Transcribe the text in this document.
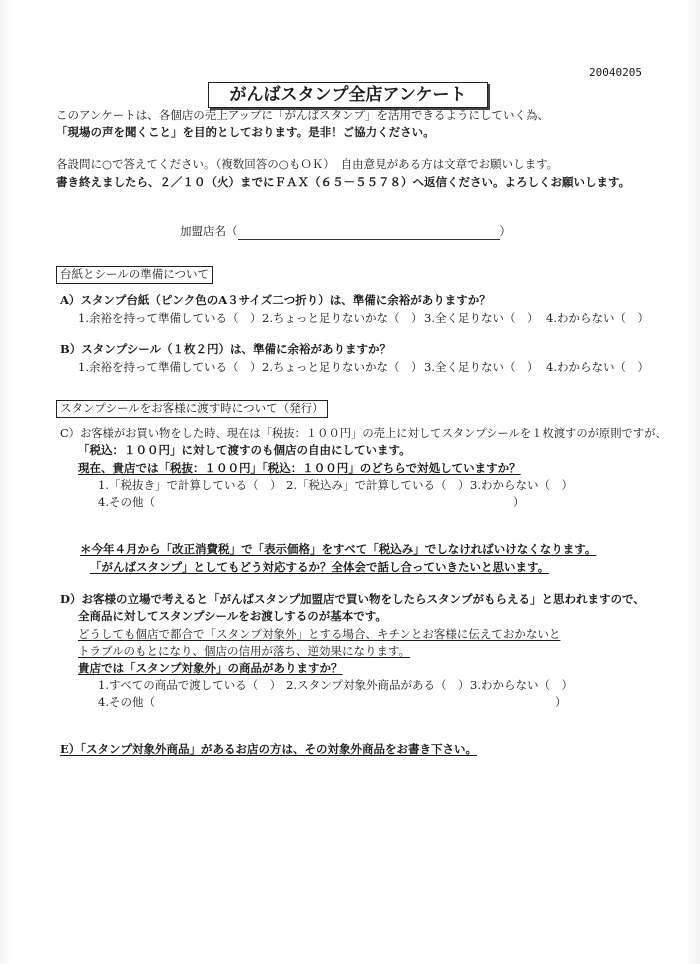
20040205
がんばスタンプ全店アンケート
このアンケートは、各個店の売上アップに「がんばスタンプ」を活用できるようにしていく為、
「現場の声を聞くこと」を目的としております。是非！ご協力ください。
各設問に○で答えてください。（複数回答の○もＯＫ）　自由意見がある方は文章でお願いします。
書き終えましたら、２／１０（火）までにＦＡＸ（６５－５５７８）へ返信ください。よろしくお願いします。
加盟店名（	）
台紙とシールの準備について
A）スタンプ台紙（ピンク色のA３サイズ二つ折り）は、準備に余裕がありますか？
1.余裕を持って準備している（　） 2.ちょっと足りないかな（　） 3.全く足りない（　） 4.わからない（　）
B）スタンプシール（１枚２円）は、準備に余裕がありますか？
1.余裕を持って準備している（　） 2.ちょっと足りないかな（　） 3.全く足りない（　） 4.わからない（　）
スタンプシールをお客様に渡す時について（発行）
C）お客様がお買い物をした時、現在は「税抜：１００円」の売上に対してスタンプシールを１枚渡すのが原則ですが、
「税込：１００円」に対して渡すのも個店の自由にしています。
現在、貴店では「税抜：１００円」「税込：１００円」のどちらで対処していますか？
1.「税抜き」で計算している（　） 2.「税込み」で計算している（　） 3.わからない（　）
4.その他（	）
＊今年４月から「改正消費税」で「表示価格」をすべて「税込み」でしなければいけなくなります。
「がんばスタンプ」としてもどう対応するか？全体会で話し合っていきたいと思います。
D）お客様の立場で考えると「がんばスタンプ加盟店で買い物をしたらスタンプがもらえる」と思われますので、
全商品に対してスタンプシールをお渡しするのが基本です。
どうしても個店で都合で「スタンプ対象外」とする場合、キチンとお客様に伝えておかないと
トラブルのもとになり、個店の信用が落ち、逆効果になります。
貴店では「スタンプ対象外」の商品がありますか？
1.すべての商品で渡している（　） 2.スタンプ対象外商品がある（　） 3.わからない（　）
4.その他（	）
E）「スタンプ対象外商品」があるお店の方は、その対象外商品をお書き下さい。
